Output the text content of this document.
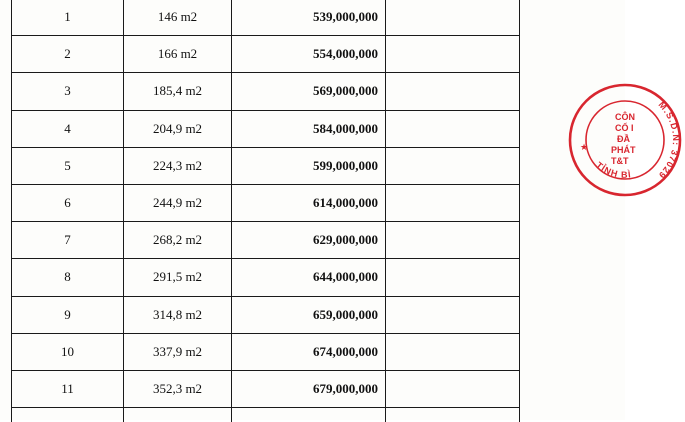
1	146 m2	539,000,000	
2	166 m2	554,000,000	
3	185,4 m2	569,000,000	
4	204,9 m2	584,000,000	
5	224,3 m2	599,000,000	
6	244,9 m2	614,000,000	
7	268,2 m2	629,000,000	
8	291,5 m2	644,000,000	
9	314,8 m2	659,000,000	
10	337,9 m2	674,000,000	
11	352,3 m2	679,000,000	

M.S.D.N: 37029
TỈNH BÌ
★
CÔN
CỔ I
ĐẦ
PHÁT
T&T
